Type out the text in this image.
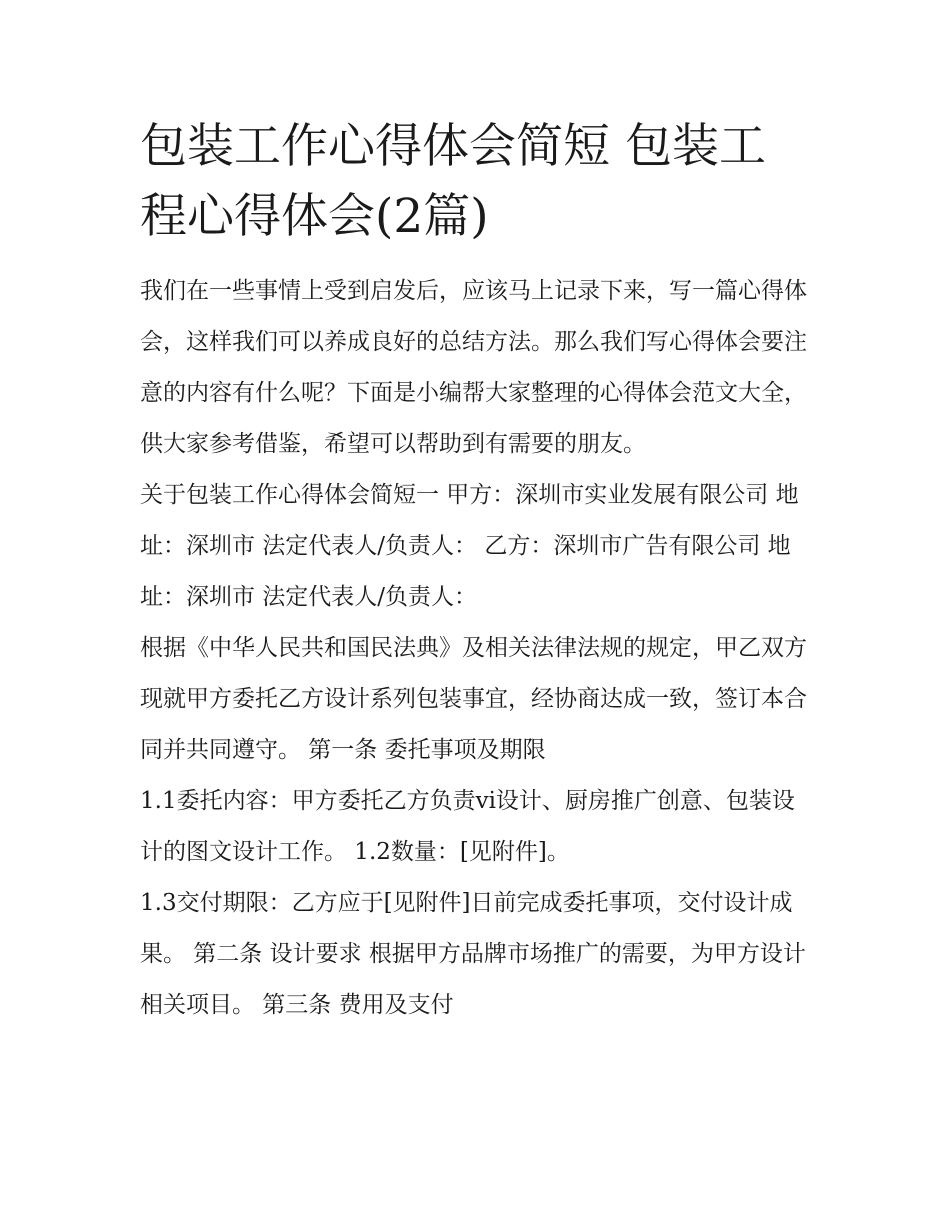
包装工作心得体会简短 包装工程心得体会(2篇)

我们在一些事情上受到启发后，应该马上记录下来，写一篇心得体会，这样我们可以养成良好的总结方法。那么我们写心得体会要注意的内容有什么呢？下面是小编帮大家整理的心得体会范文大全，供大家参考借鉴，希望可以帮助到有需要的朋友。

关于包装工作心得体会简短一 甲方：深圳市实业发展有限公司 地址：深圳市 法定代表人/负责人： 乙方：深圳市广告有限公司 地址：深圳市 法定代表人/负责人：

根据《中华人民共和国民法典》及相关法律法规的规定，甲乙双方现就甲方委托乙方设计系列包装事宜，经协商达成一致，签订本合同并共同遵守。 第一条 委托事项及期限

1.1委托内容：甲方委托乙方负责vi设计、厨房推广创意、包装设计的图文设计工作。 1.2数量：[见附件]。

1.3交付期限：乙方应于[见附件]日前完成委托事项，交付设计成果。 第二条 设计要求 根据甲方品牌市场推广的需要，为甲方设计相关项目。 第三条 费用及支付
